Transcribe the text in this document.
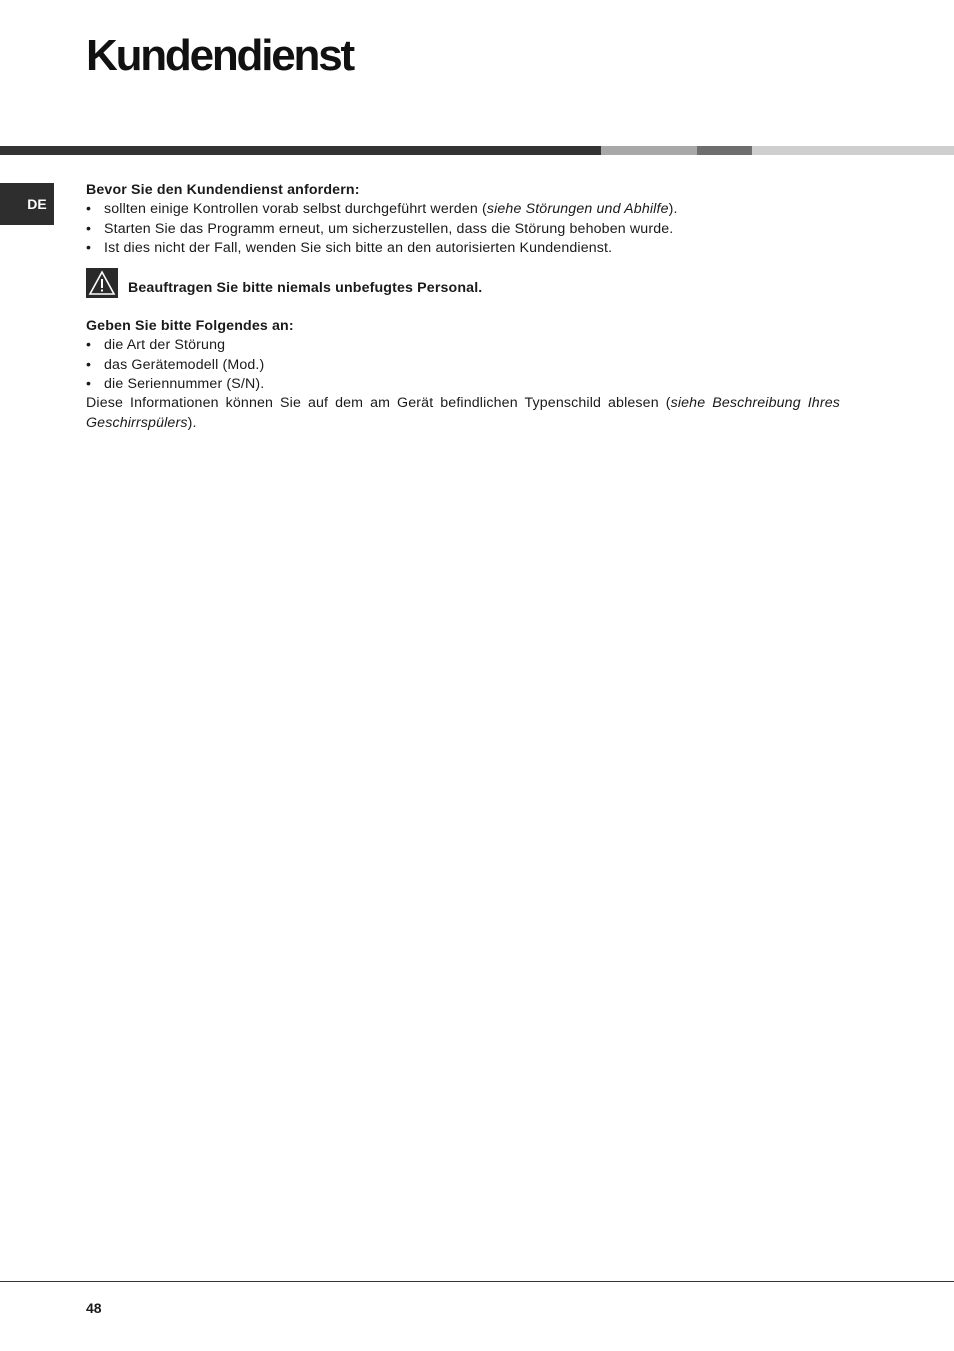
Kundendienst
DE

Bevor Sie den Kundendienst anfordern:

• sollten einige Kontrollen vorab selbst durchgeführt werden (siehe Störungen und Abhilfe).
• Starten Sie das Programm erneut, um sicherzustellen, dass die Störung behoben wurde.
• Ist dies nicht der Fall, wenden Sie sich bitte an den autorisierten Kundendienst.
Beauftragen Sie bitte niemals unbefugtes Personal.

Geben Sie bitte Folgendes an:

• die Art der Störung
• das Gerätemodell (Mod.)
• die Seriennummer (S/N).

Diese Informationen können Sie auf dem am Gerät befindlichen Typenschild ablesen (siehe Beschreibung Ihres Geschirrspülers).

48
